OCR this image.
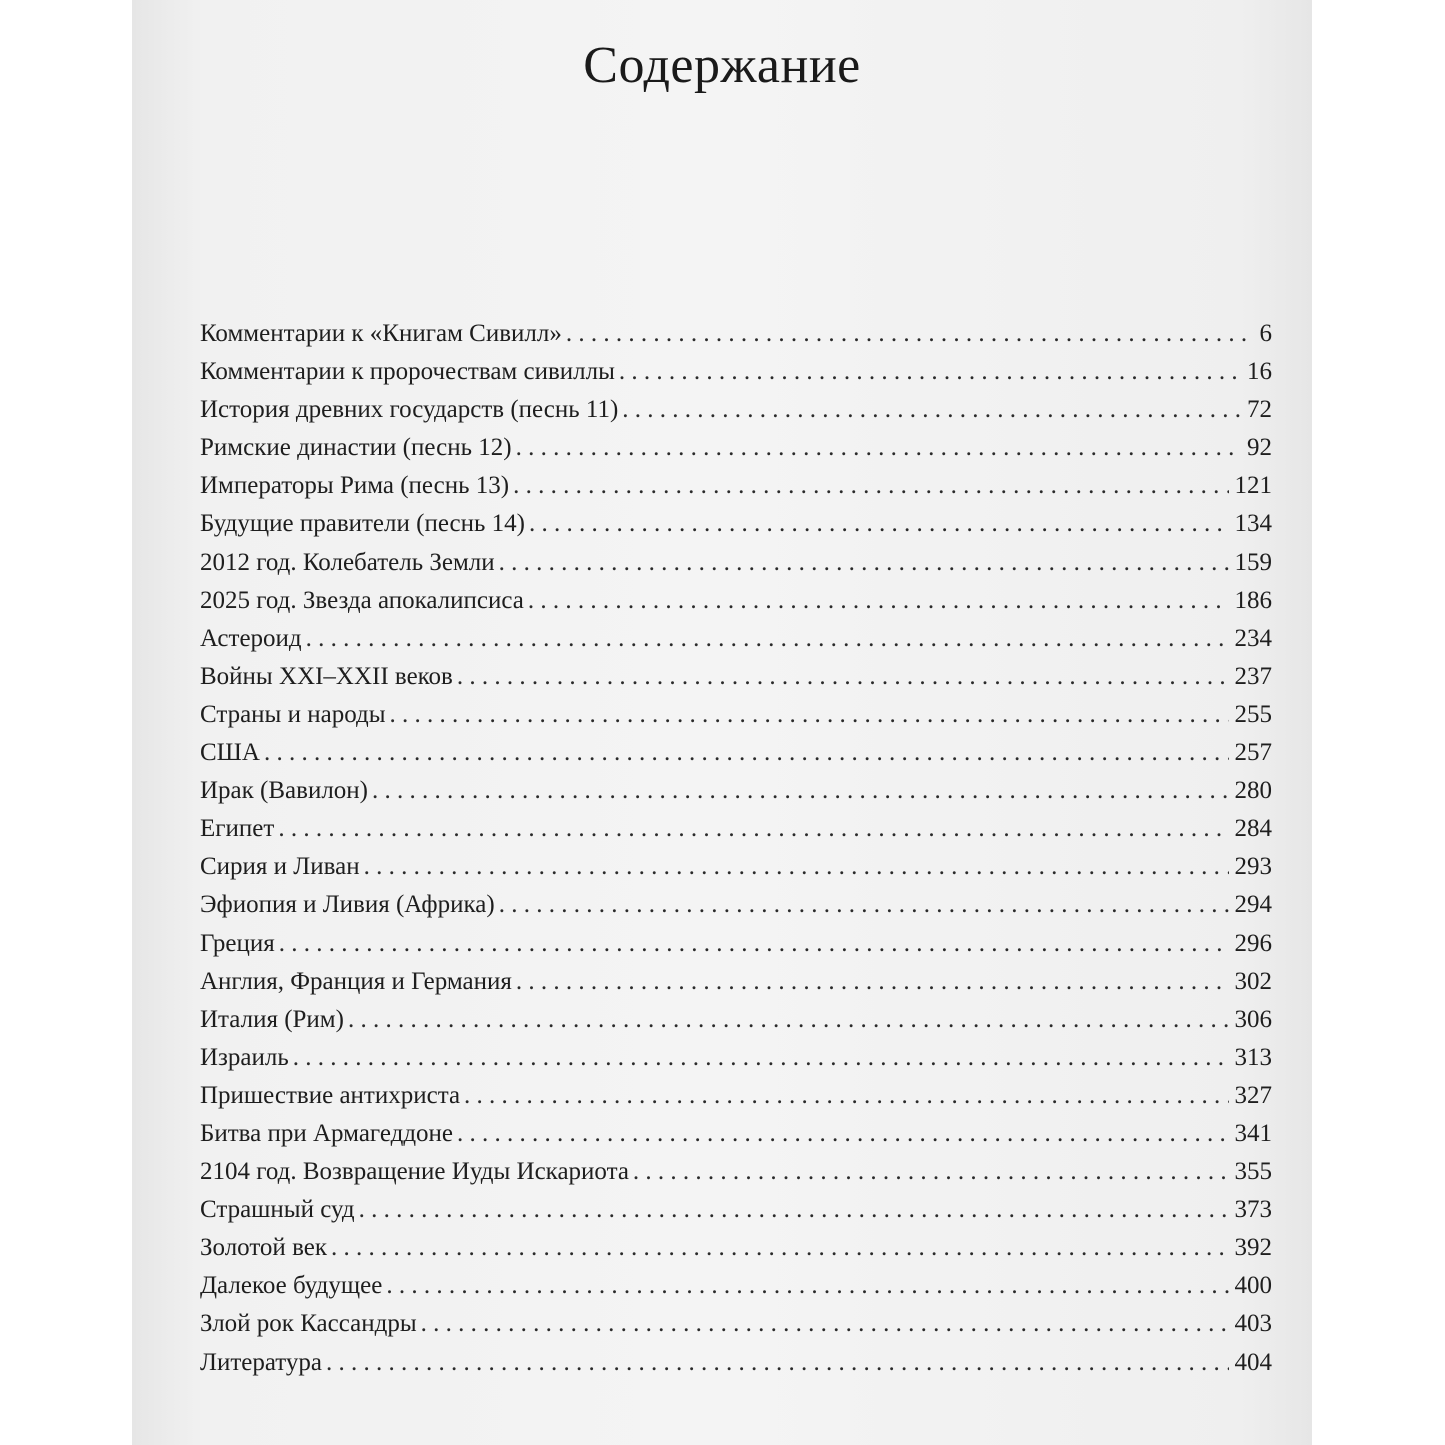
Содержание
Комментарии к «Книгам Сивилл» . . .	6
Комментарии к пророчествам сивиллы . . .	16
История древних государств (песнь 11) . . .	72
Римские династии (песнь 12) . . .	92
Императоры Рима (песнь 13) . . .	121
Будущие правители (песнь 14) . . .	134
2012 год. Колебатель Земли . . .	159
2025 год. Звезда апокалипсиса . . .	186
Астероид . . .	234
Войны XXI–XXII веков . . .	237
Страны и народы . . .	255
США . . .	257
Ирак (Вавилон) . . .	280
Египет . . .	284
Сирия и Ливан . . .	293
Эфиопия и Ливия (Африка) . . .	294
Греция . . .	296
Англия, Франция и Германия . . .	302
Италия (Рим) . . .	306
Израиль . . .	313
Пришествие антихриста . . .	327
Битва при Армагеддоне . . .	341
2104 год. Возвращение Иуды Искариота . . .	355
Страшный суд . . .	373
Золотой век . . .	392
Далекое будущее . . .	400
Злой рок Кассандры . . .	403
Литература . . .	404
